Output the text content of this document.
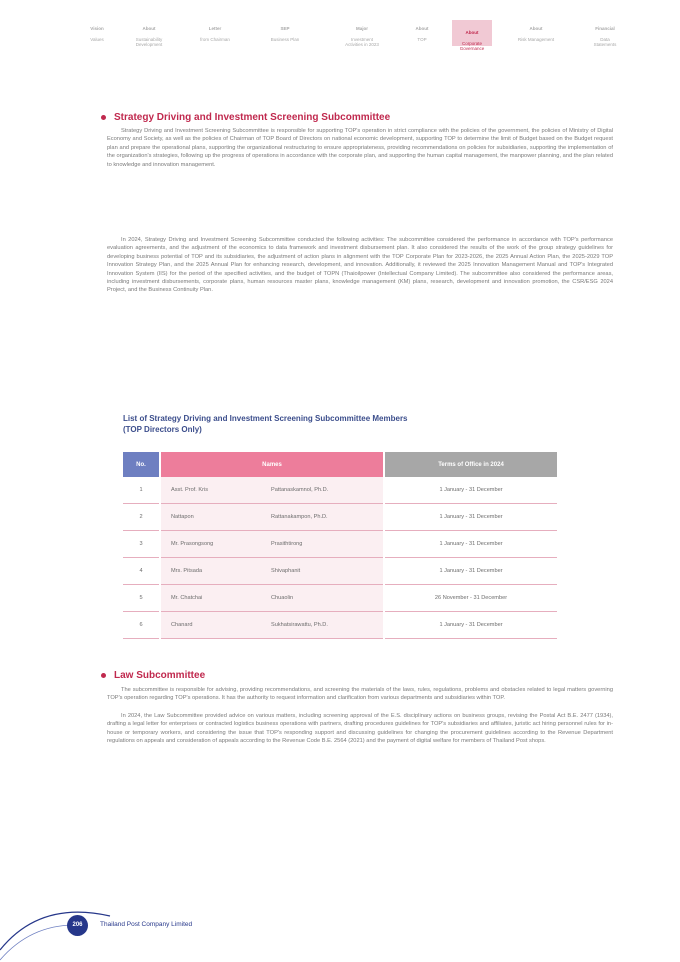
Vision

Values

About

Sustainability
Development

Letter

from Chairman

SEP

Business Plan

Major

Investment
Activities in 2023

About

TOP

About

Corporate
Governance

About

Risk Management

Financial

Data
Statements

Strategy Driving and Investment Screening Subcommittee

Strategy Driving and Investment Screening Subcommittee is responsible for supporting TOP's operation in strict compliance with the policies of the government, the policies of Ministry of Digital Economy and Society, as well as the policies of Chairman of TOP Board of Directors on national economic development, supporting TOP to determine the limit of Budget based on the Budget request plan and prepare the operational plans, supporting the organizational restructuring to ensure appropriateness, providing recommendations on policies for subsidiaries, supporting the implementation of the organization's strategies, following up the progress of operations in accordance with the corporate plan, and supporting the human capital management, the manpower planning, and the plan related to knowledge and innovation management.

In 2024, Strategy Driving and Investment Screening Subcommittee conducted the following activities: The subcommittee considered the performance in accordance with TOP's performance evaluation agreements, and the adjustment of the economics to data framework and investment disbursement plan. It also considered the results of the work of the group strategy guidelines for developing business potential of TOP and its subsidiaries, the adjustment of action plans in alignment with the TOP Corporate Plan for 2023-2026, the 2025 Annual Action Plan, the 2025-2029 TOP Innovation Strategy Plan, and the 2025 Annual Plan for enhancing research, development, and innovation. Additionally, it reviewed the 2025 Innovation Management Manual and TOP's Integrated Innovation System (IIS) for the period of the specified activities, and the budget of TOPN (Thaioilpower (Intellectual Company Limited). The subcommittee also considered the performance areas, including investment disbursements, corporate plans, human resources master plans, knowledge management (KM) plans, research, development and innovation promotion, the CSR/ESG 2024 Project, and the Business Continuity Plan.

List of Strategy Driving and Investment Screening Subcommittee Members
(TOP Directors Only)
No.	Names	Terms of Office in 2024
1	Asst. Prof. Kris Pattanaskamnol, Ph.D.	1 January - 31 December
2	Nattapon Rattanakampon, Ph.D.	1 January - 31 December
3	Mr. Prasongsong Prasithtirong	1 January - 31 December
4	Mrs. Pitsada Shivaphanit	1 January - 31 December
5	Mr. Chatchai Chuaolin	26 November - 31 December
6	Chanard Sukhatsirawattu, Ph.D.	1 January - 31 December
Law Subcommittee

The subcommittee is responsible for advising, providing recommendations, and screening the materials of the laws, rules, regulations, problems and obstacles related to legal matters governing TOP's operation regarding TOP's operations. It has the authority to request information and clarification from various departments and subsidiaries within TOP.

In 2024, the Law Subcommittee provided advice on various matters, including screening approval of the E.S. disciplinary actions on business groups, revising the Postal Act B.E. 2477 (1934), drafting a legal letter for enterprises or contracted logistics business operations with partners, drafting procedures guidelines for TOP's subsidiaries and affiliates, juristic act hiring personnel rules for in-house or temporary workers, and considering the issue that TOP's responding support and discussing guidelines for changing the procurement guidelines according to the Revenue Department regulations on appeals and consideration of appeals according to the Revenue Code B.E. 2564 (2021) and the payment of digital welfare for members of Thailand Post shops.

206	Thailand Post Company Limited
